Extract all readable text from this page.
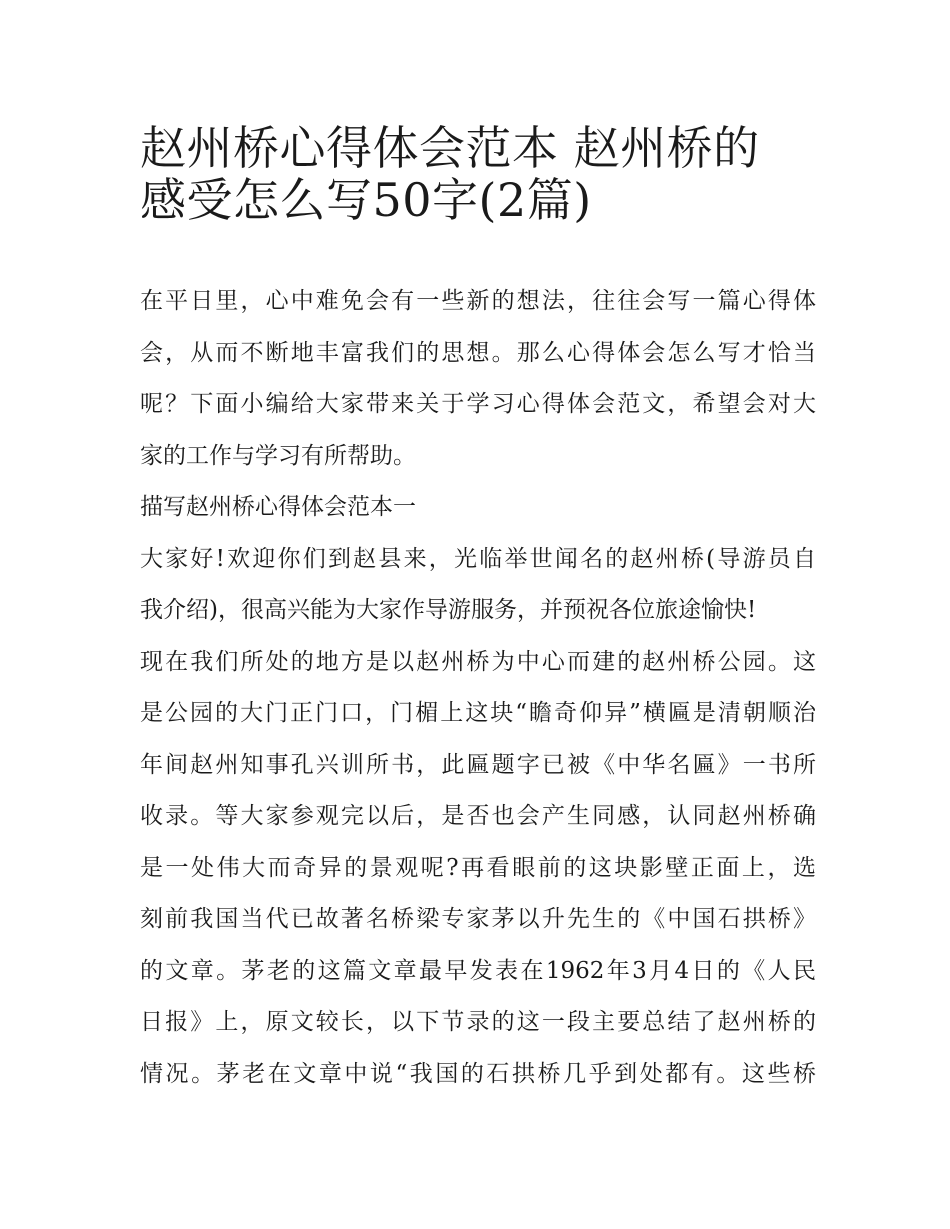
赵州桥心得体会范本 赵州桥的
感受怎么写50字(2篇)
在平日里，心中难免会有一些新的想法，往往会写一篇心得体
会，从而不断地丰富我们的思想。那么心得体会怎么写才恰当
呢？下面小编给大家带来关于学习心得体会范文，希望会对大
家的工作与学习有所帮助。
描写赵州桥心得体会范本一
大家好!欢迎你们到赵县来，光临举世闻名的赵州桥(导游员自
我介绍)，很高兴能为大家作导游服务，并预祝各位旅途愉快!
现在我们所处的地方是以赵州桥为中心而建的赵州桥公园。这
是公园的大门正门口，门楣上这块“瞻奇仰异”横匾是清朝顺治
年间赵州知事孔兴训所书，此匾题字已被《中华名匾》一书所
收录。等大家参观完以后，是否也会产生同感，认同赵州桥确
是一处伟大而奇异的景观呢?再看眼前的这块影壁正面上，选
刻前我国当代已故著名桥梁专家茅以升先生的《中国石拱桥》
的文章。茅老的这篇文章最早发表在1962年3月4日的《人民
日报》上，原文较长，以下节录的这一段主要总结了赵州桥的
情况。茅老在文章中说“我国的石拱桥几乎到处都有。这些桥
